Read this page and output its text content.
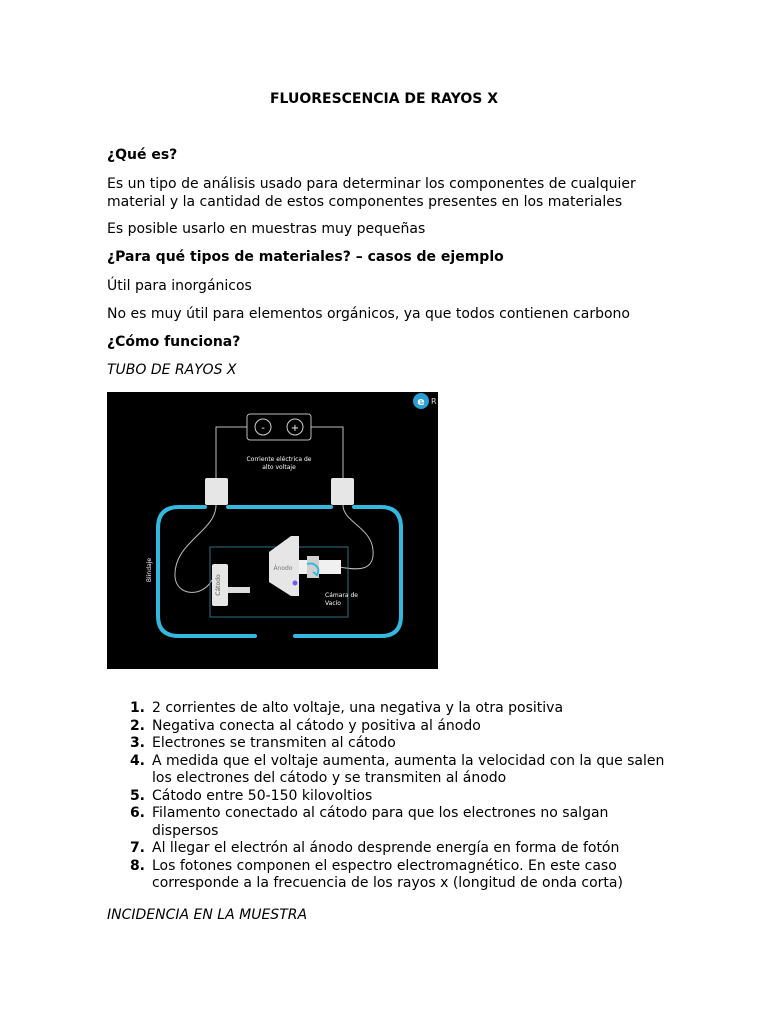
FLUORESCENCIA DE RAYOS X
¿Qué es?
Es un tipo de análisis usado para determinar los componentes de cualquier material y la cantidad de estos componentes presentes en los materiales
Es posible usarlo en muestras muy pequeñas
¿Para qué tipos de materiales? – casos de ejemplo
Útil para inorgánicos
No es muy útil para elementos orgánicos, ya que todos contienen carbono
¿Cómo funciona?
TUBO DE RAYOS X
e R
-	+
Corriente eléctrica de
alto voltaje
Blindaje
Cámara de
Vacío
Cátodo
Ánodo
1. 2 corrientes de alto voltaje, una negativa y la otra positiva
2. Negativa conecta al cátodo y positiva al ánodo
3. Electrones se transmiten al cátodo
4. A medida que el voltaje aumenta, aumenta la velocidad con la que salen los electrones del cátodo y se transmiten al ánodo
5. Cátodo entre 50-150 kilovoltios
6. Filamento conectado al cátodo para que los electrones no salgan dispersos
7. Al llegar el electrón al ánodo desprende energía en forma de fotón
8. Los fotones componen el espectro electromagnético. En este caso corresponde a la frecuencia de los rayos x (longitud de onda corta)
INCIDENCIA EN LA MUESTRA
